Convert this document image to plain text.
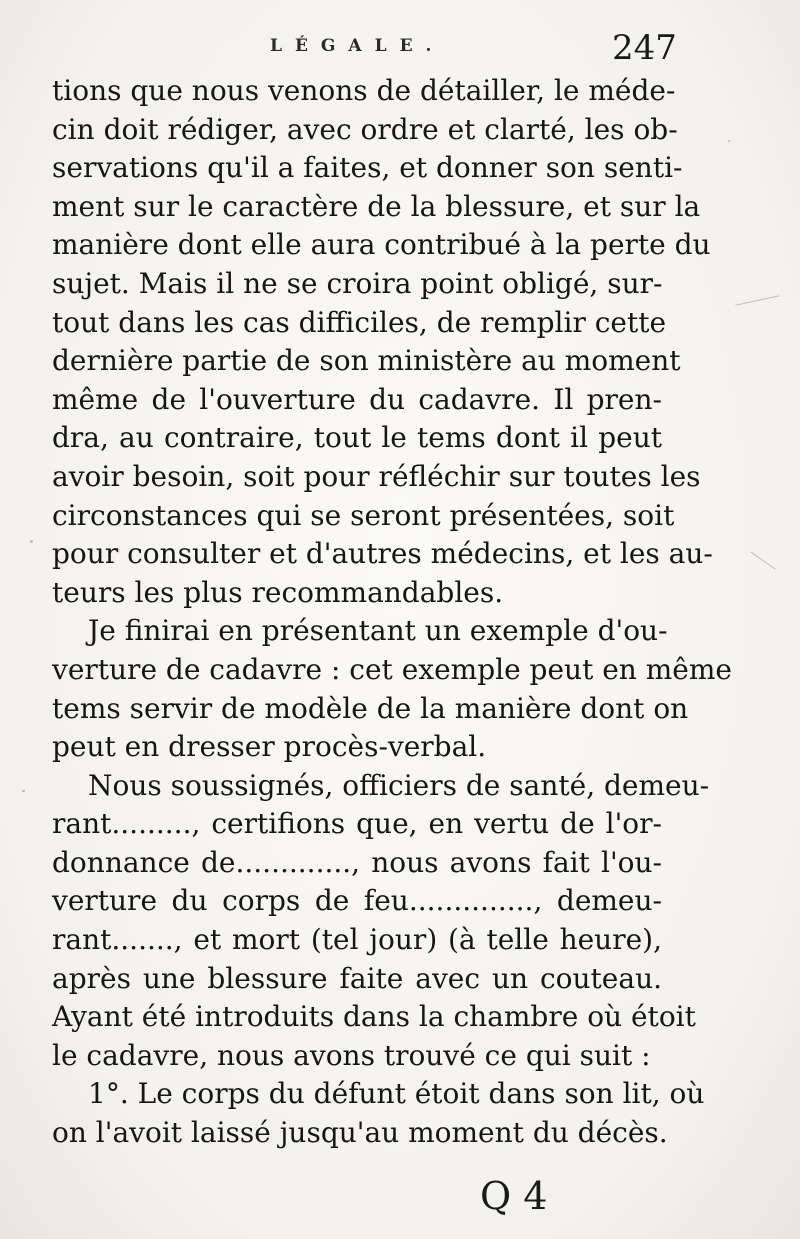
LÉGALE.	247
tions que nous venons de détailler, le méde-
cin doit rédiger, avec ordre et clarté, les ob-
servations qu'il a faites, et donner son senti-
ment sur le caractère de la blessure, et sur la
manière dont elle aura contribué à la perte du
sujet. Mais il ne se croira point obligé, sur-
tout dans les cas difficiles, de remplir cette
dernière partie de son ministère au moment
même de l'ouverture du cadavre. Il pren-
dra, au contraire, tout le tems dont il peut
avoir besoin, soit pour réfléchir sur toutes les
circonstances qui se seront présentées, soit
pour consulter et d'autres médecins, et les au-
teurs les plus recommandables.
Je finirai en présentant un exemple d'ou-
verture de cadavre : cet exemple peut en même
tems servir de modèle de la manière dont on
peut en dresser procès-verbal.
Nous soussignés, officiers de santé, demeu-
rant........., certifions que, en vertu de l'or-
donnance de............., nous avons fait l'ou-
verture du corps de feu.............., demeu-
rant......., et mort (tel jour) (à telle heure),
après une blessure faite avec un couteau.
Ayant été introduits dans la chambre où étoit
le cadavre, nous avons trouvé ce qui suit :
1°. Le corps du défunt étoit dans son lit, où
on l'avoit laissé jusqu'au moment du décès.
Q 4
